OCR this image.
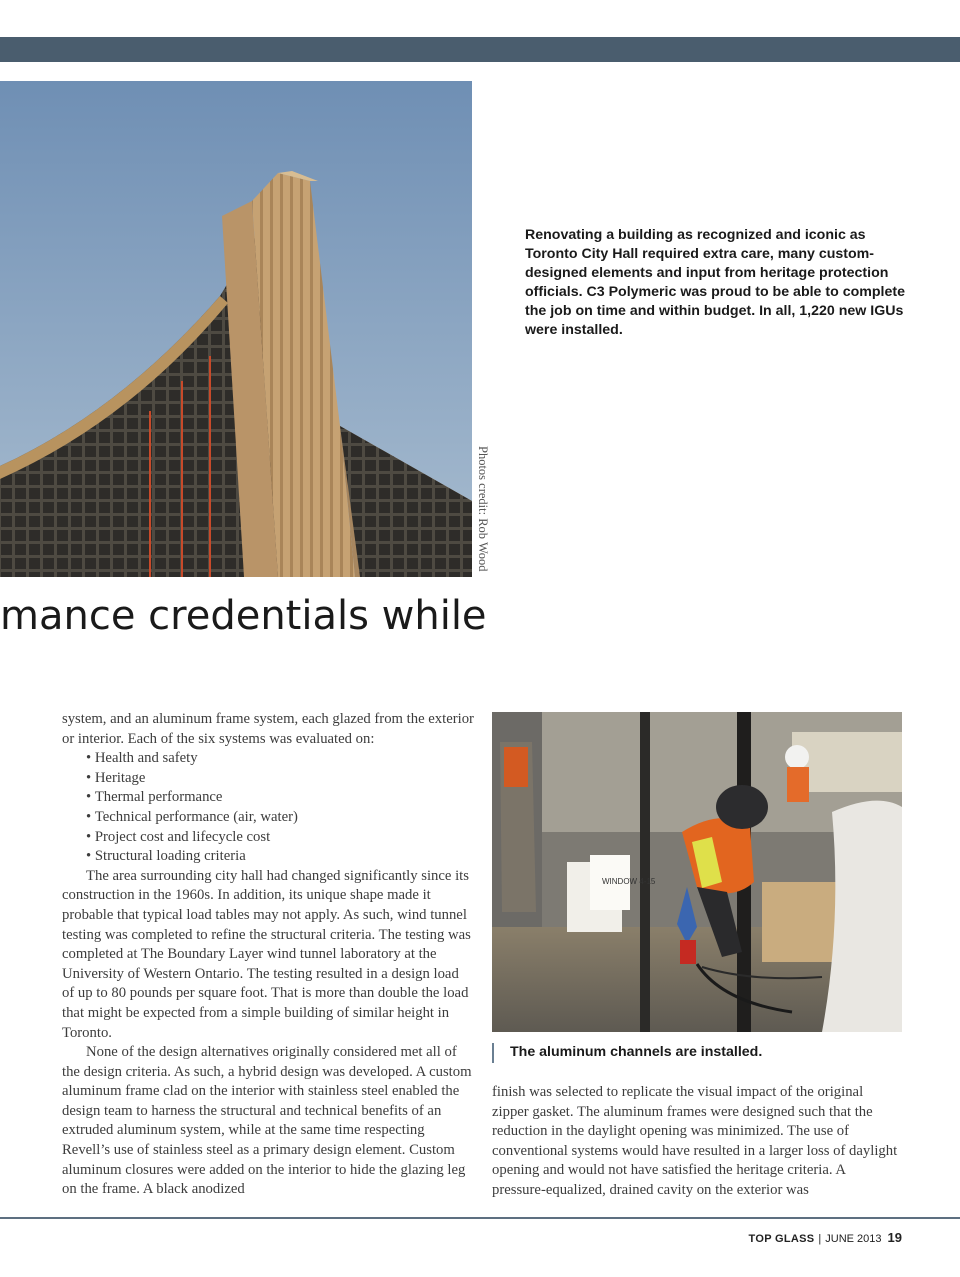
Photos credit: Rob Wood
Renovating a building as recognized and iconic as Toronto City Hall required extra care, many custom-designed elements and input from heritage protection officials. C3 Polymeric was proud to be able to complete the job on time and within budget. In all, 1,220 new IGUs were installed.
mance credentials while

system, and an aluminum frame system, each glazed from the exterior or interior. Each of the six systems was evaluated on:

• Health and safety
• Heritage
• Thermal performance
• Technical performance (air, water)
• Project cost and lifecycle cost
• Structural loading criteria

The area surrounding city hall had changed significantly since its construction in the 1960s. In addition, its unique shape made it probable that typical load tables may not apply. As such, wind tunnel testing was completed to refine the structural criteria. The testing was completed at The Boundary Layer wind tunnel laboratory at the University of Western Ontario. The testing resulted in a design load of up to 80 pounds per square foot. That is more than double the load that might be expected from a simple building of similar height in Toronto.

None of the design alternatives originally considered met all of the design criteria. As such, a hybrid design was developed. A custom aluminum frame clad on the interior with stainless steel enabled the design team to harness the structural and technical benefits of an extruded aluminum system, while at the same time respecting Revell’s use of stainless steel as a primary design element. Custom aluminum closures were added on the interior to hide the glazing leg on the frame. A black anodized

WINDOW 4-15
The aluminum channels are installed.

finish was selected to replicate the visual impact of the original zipper gasket. The aluminum frames were designed such that the reduction in the daylight opening was minimized. The use of conventional systems would have resulted in a larger loss of daylight opening and would not have satisfied the heritage criteria. A pressure-equalized, drained cavity on the exterior was

TOP GLASS | JUNE 2013 19
